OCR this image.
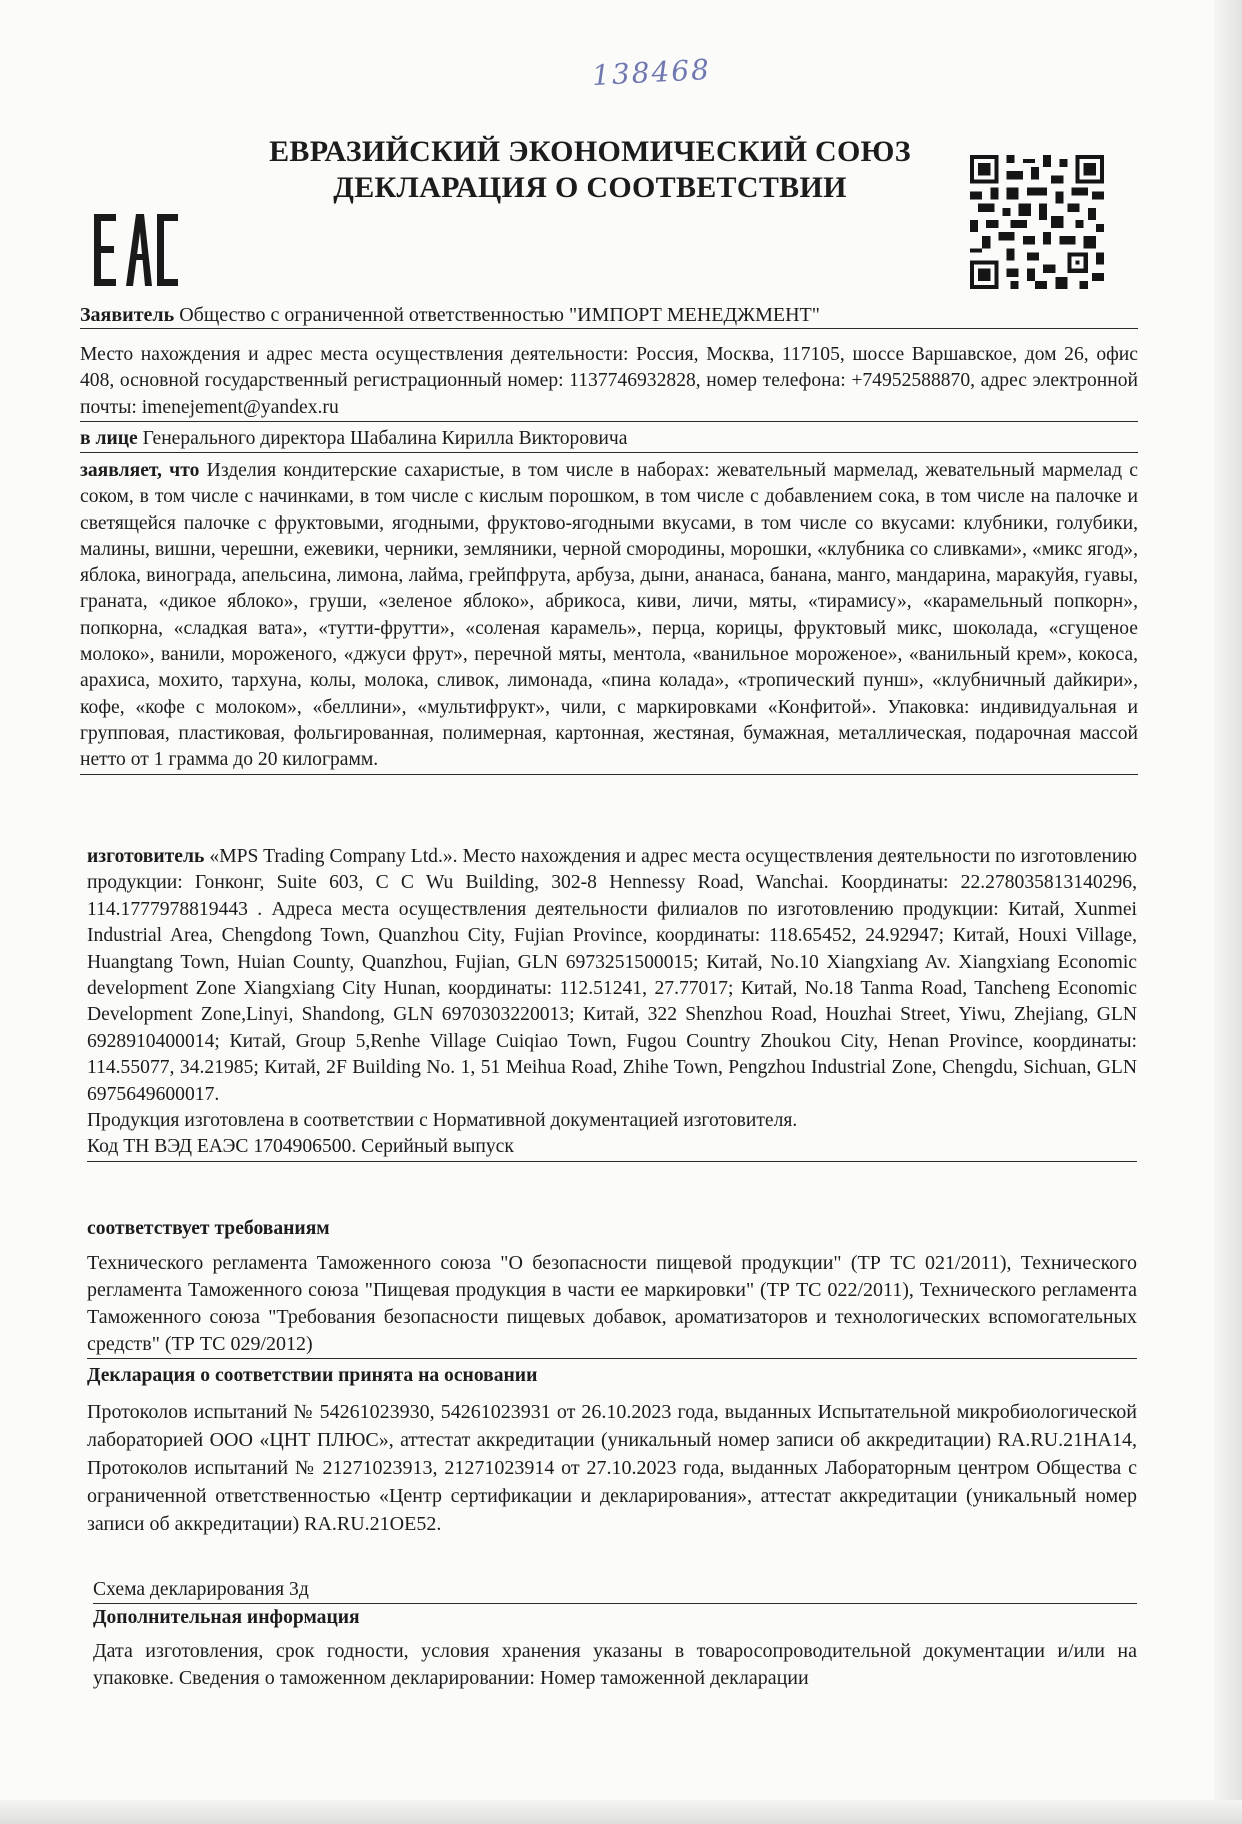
138468
ЕВРАЗИЙСКИЙ ЭКОНОМИЧЕСКИЙ СОЮЗ
ДЕКЛАРАЦИЯ О СООТВЕТСТВИИ
Заявитель Общество с ограниченной ответственностью "ИМПОРТ МЕНЕДЖМЕНТ"
Место нахождения и адрес места осуществления деятельности: Россия, Москва, 117105, шоссе Варшавское, дом 26, офис 408, основной государственный регистрационный номер: 1137746932828, номер телефона: +74952588870, адрес электронной почты: imenejement@yandex.ru
в лице Генерального директора Шабалина Кирилла Викторовича
заявляет, что Изделия кондитерские сахаристые, в том числе в наборах: жевательный мармелад, жевательный мармелад с соком, в том числе с начинками, в том числе с кислым порошком, в том числе с добавлением сока, в том числе на палочке и светящейся палочке с фруктовыми, ягодными, фруктово-ягодными вкусами, в том числе со вкусами: клубники, голубики, малины, вишни, черешни, ежевики, черники, земляники, черной смородины, морошки, «клубника со сливками», «микс ягод», яблока, винограда, апельсина, лимона, лайма, грейпфрута, арбуза, дыни, ананаса, банана, манго, мандарина, маракуйя, гуавы, граната, «дикое яблоко», груши, «зеленое яблоко», абрикоса, киви, личи, мяты, «тирамису», «карамельный попкорн», попкорна, «сладкая вата», «тутти-фрутти», «соленая карамель», перца, корицы, фруктовый микс, шоколада, «сгущеное молоко», ванили, мороженого, «джуси фрут», перечной мяты, ментола, «ванильное мороженое», «ванильный крем», кокоса, арахиса, мохито, тархуна, колы, молока, сливок, лимонада, «пина колада», «тропический пунш», «клубничный дайкири», кофе, «кофе с молоком», «беллини», «мультифрукт», чили, с маркировками «Конфитой». Упаковка: индивидуальная и групповая, пластиковая, фольгированная, полимерная, картонная, жестяная, бумажная, металлическая, подарочная массой нетто от 1 грамма до 20 килограмм.
изготовитель «MPS Trading Company Ltd.». Место нахождения и адрес места осуществления деятельности по изготовлению продукции: Гонконг, Suite 603, C C Wu Building, 302-8 Hennessy Road, Wanchai. Координаты: 22.278035813140296, 114.1777978819443 . Адреса места осуществления деятельности филиалов по изготовлению продукции: Китай, Xunmei Industrial Area, Chengdong Town, Quanzhou City, Fujian Province, координаты: 118.65452, 24.92947; Китай, Houxi Village, Huangtang Town, Huian County, Quanzhou, Fujian, GLN 6973251500015; Китай, No.10 Xiangxiang Av. Xiangxiang Economic development Zone Xiangxiang City Hunan, координаты: 112.51241, 27.77017; Китай, No.18 Tanma Road, Tancheng Economic Development Zone,Linyi, Shandong, GLN 6970303220013; Китай, 322 Shenzhou Road, Houzhai Street, Yiwu, Zhejiang, GLN 6928910400014; Китай, Group 5,Renhe Village Cuiqiao Town, Fugou Country Zhoukou City, Henan Province, координаты: 114.55077, 34.21985; Китай, 2F Building No. 1, 51 Meihua Road, Zhihe Town, Pengzhou Industrial Zone, Chengdu, Sichuan, GLN 6975649600017.
Продукция изготовлена в соответствии с Нормативной документацией изготовителя.
Код ТН ВЭД ЕАЭС 1704906500. Серийный выпуск
соответствует требованиям
Технического регламента Таможенного союза "О безопасности пищевой продукции" (ТР ТС 021/2011), Технического регламента Таможенного союза "Пищевая продукция в части ее маркировки" (ТР ТС 022/2011), Технического регламента Таможенного союза "Требования безопасности пищевых добавок, ароматизаторов и технологических вспомогательных средств" (ТР ТС 029/2012)
Декларация о соответствии принята на основании
Протоколов испытаний № 54261023930, 54261023931 от 26.10.2023 года, выданных Испытательной микробиологической лабораторией ООО «ЦНТ ПЛЮС», аттестат аккредитации (уникальный номер записи об аккредитации) RA.RU.21НА14, Протоколов испытаний № 21271023913, 21271023914 от 27.10.2023 года, выданных Лабораторным центром Общества с ограниченной ответственностью «Центр сертификации и декларирования», аттестат аккредитации (уникальный номер записи об аккредитации) RA.RU.21ОЕ52.
Схема декларирования 3д
Дополнительная информация
Дата изготовления, срок годности, условия хранения указаны в товаросопроводительной документации и/или на упаковке. Сведения о таможенном декларировании: Номер таможенной декларации
